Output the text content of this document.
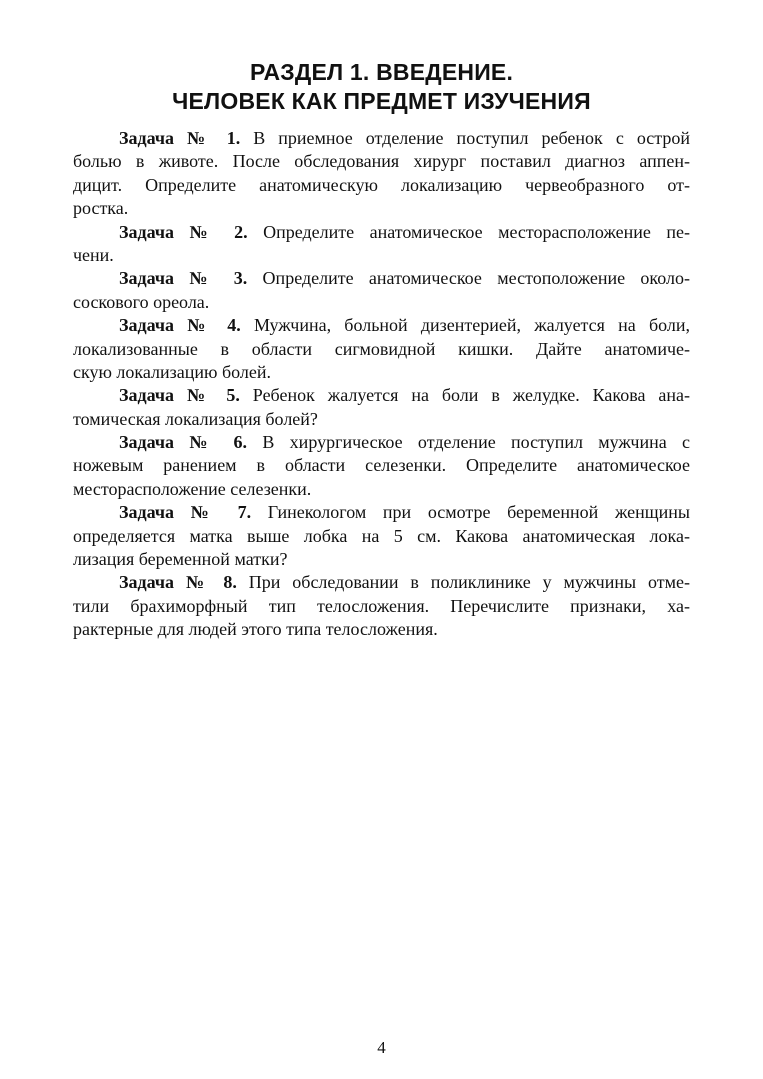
РАЗДЕЛ 1. ВВЕДЕНИЕ.
ЧЕЛОВЕК КАК ПРЕДМЕТ ИЗУЧЕНИЯ
Задача № 1. В приемное отделение поступил ребенок с острой
болью в животе. После обследования хирург поставил диагноз аппен-
дицит. Определите анатомическую локализацию червеобразного от-
ростка.
Задача № 2. Определите анатомическое месторасположение пе-
чени.
Задача № 3. Определите анатомическое местоположение около-
соскового ореола.
Задача № 4. Мужчина, больной дизентерией, жалуется на боли,
локализованные в области сигмовидной кишки. Дайте анатомиче-
скую локализацию болей.
Задача № 5. Ребенок жалуется на боли в желудке. Какова ана-
томическая локализация болей?
Задача № 6. В хирургическое отделение поступил мужчина с
ножевым ранением в области селезенки. Определите анатомическое
месторасположение селезенки.
Задача № 7. Гинекологом при осмотре беременной женщины
определяется матка выше лобка на 5 см. Какова анатомическая лока-
лизация беременной матки?
Задача № 8. При обследовании в поликлинике у мужчины отме-
тили брахиморфный тип телосложения. Перечислите признаки, ха-
рактерные для людей этого типа телосложения.
4
